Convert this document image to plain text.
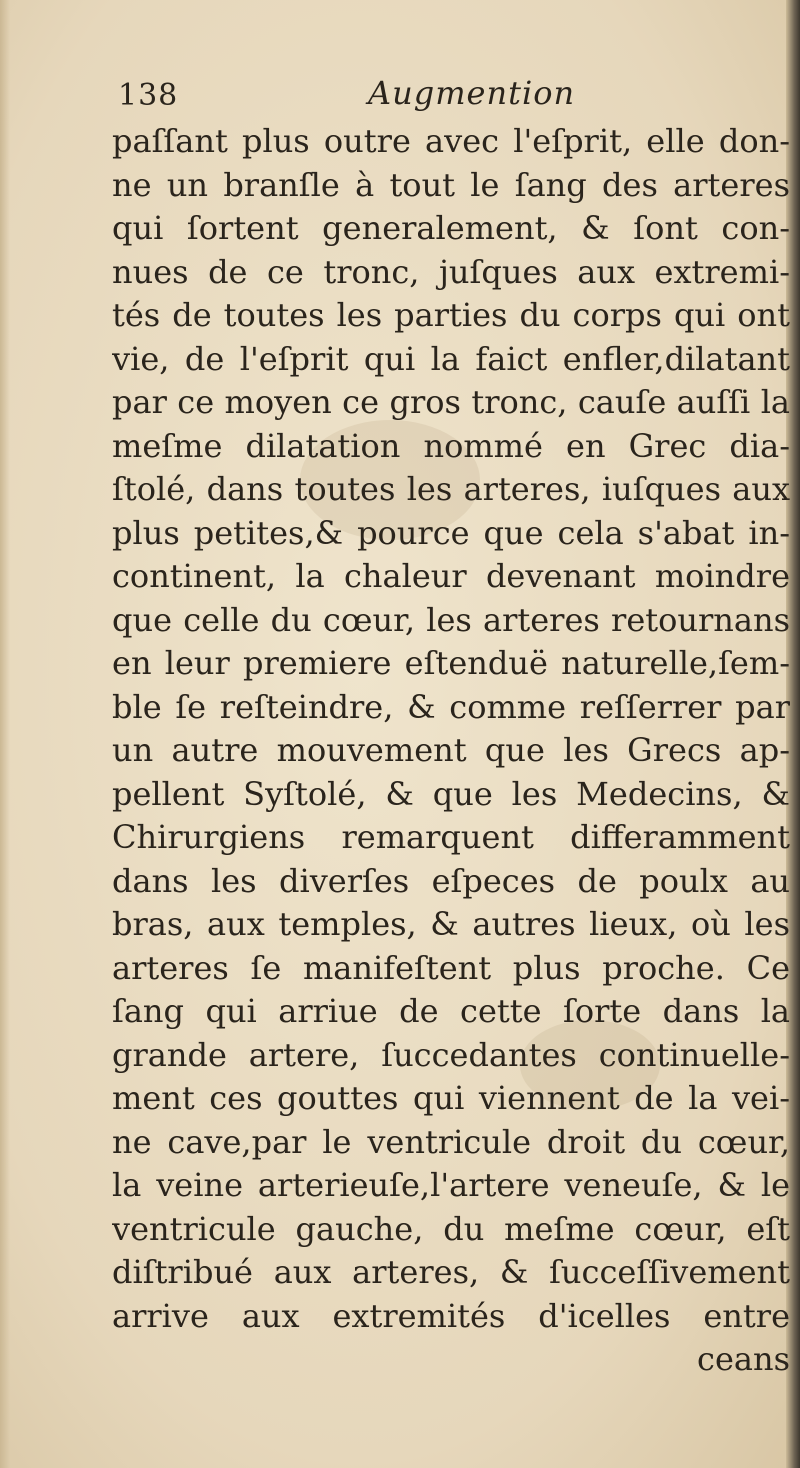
138	Augmention
paſſant plus outre avec l'eſprit, elle don-
ne un branſle à tout le ſang des arteres
qui ſortent generalement, & ſont con-
nues de ce tronc, juſques aux extremi-
tés de toutes les parties du corps qui ont
vie, de l'eſprit qui la faict enfler,dilatant
par ce moyen ce gros tronc, cauſe auſſi la
meſme dilatation nommé en Grec dia-
ſtolé, dans toutes les arteres, iuſques aux
plus petites,& pource que cela s'abat in-
continent, la chaleur devenant moindre
que celle du cœur, les arteres retournans
en leur premiere eſtenduë naturelle,ſem-
ble ſe reſteindre, & comme reſſerrer par
un autre mouvement que les Grecs ap-
pellent Syſtolé, & que les Medecins, &
Chirurgiens remarquent differamment
dans les diverſes eſpeces de poulx au
bras, aux temples, & autres lieux, où les
arteres ſe manifeſtent plus proche. Ce
ſang qui arriue de cette ſorte dans la
grande artere, ſuccedantes continuelle-
ment ces gouttes qui viennent de la vei-
ne cave,par le ventricule droit du cœur,
la veine arterieuſe,l'artere veneuſe, & le
ventricule gauche, du meſme cœur, eſt
diſtribué aux arteres, & ſucceſſivement
arrive aux extremités d'icelles entre
ceans
